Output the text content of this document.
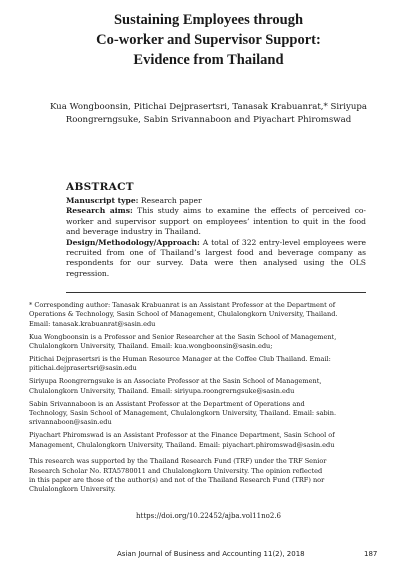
Sustaining Employees through
Co-worker and Supervisor Support:
Evidence from Thailand
Kua Wongboonsin, Pitichai Dejprasertsri, Tanasak Krabuanrat,* Siriyupa
Roongrerngsuke, Sabin Srivannaboon and Piyachart Phiromswad
ABSTRACT

Manuscript type: Research paper

Research aims: This study aims to examine the effects of perceived co-worker and supervisor support on employees’ intention to quit in the food and beverage industry in Thailand.

Design/Methodology/Approach: A total of 322 entry-level employees were recruited from one of Thailand’s largest food and beverage company as respondents for our survey. Data were then analysed using the OLS regression.

* Corresponding author: Tanasak Krabuanrat is an Assistant Professor at the Department of
Operations & Technology, Sasin School of Management, Chulalongkorn University, Thailand.
Email: tanasak.krabuanrat@sasin.edu

Kua Wongboonsin is a Professor and Senior Researcher at the Sasin School of Management,
Chulalongkorn University, Thailand. Email: kua.wongboonsin@sasin.edu;

Pitichai Dejprasertsri is the Human Resource Manager at the Coffee Club Thailand. Email:
pitichai.dejprasertsri@sasin.edu

Siriyupa Roongrerngsuke is an Associate Professor at the Sasin School of Management,
Chulalongkorn University, Thailand. Email: siriyupa.roongrerngsuke@sasin.edu

Sabin Srivannaboon is an Assistant Professor at the Department of Operations and
Technology, Sasin School of Management, Chulalongkorn University, Thailand. Email: sabin.
srivannaboon@sasin.edu

Piyachart Phiromswad is an Assistant Professor at the Finance Department, Sasin School of
Management, Chulalongkorn University, Thailand. Email: piyachart.phiromswad@sasin.edu

This research was supported by the Thailand Research Fund (TRF) under the TRF Senior
Research Scholar No. RTA5780011 and Chulalongkorn University. The opinion reflected
in this paper are those of the author(s) and not of the Thailand Research Fund (TRF) nor
Chulalongkorn University.

https://doi.org/10.22452/ajba.vol11no2.6
Asian Journal of Business and Accounting 11(2), 2018	187
